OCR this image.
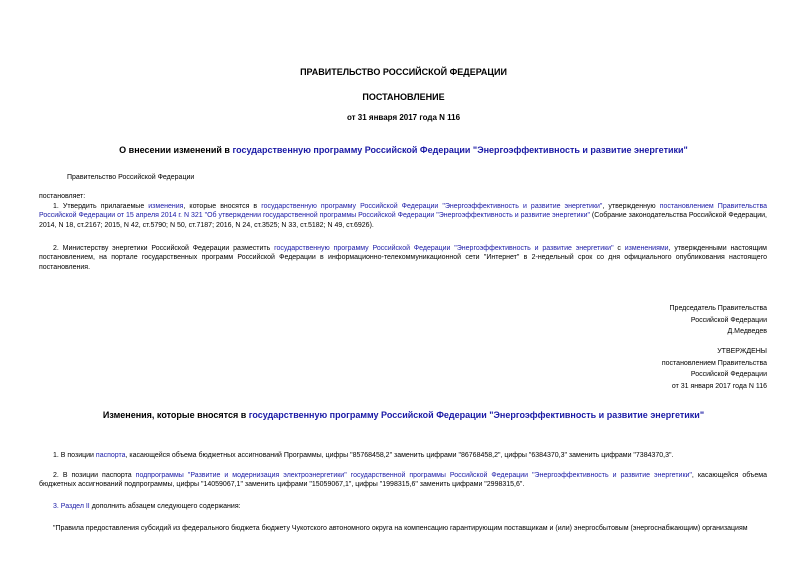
ПРАВИТЕЛЬСТВО РОССИЙСКОЙ ФЕДЕРАЦИИ
ПОСТАНОВЛЕНИЕ
от 31 января 2017 года N 116
О внесении изменений в государственную программу Российской Федерации "Энергоэффективность и развитие энергетики"
Правительство Российской Федерации
постановляет:
1. Утвердить прилагаемые изменения, которые вносятся в государственную программу Российской Федерации "Энергоэффективность и развитие энергетики", утвержденную постановлением Правительства Российской Федерации от 15 апреля 2014 г. N 321 "Об утверждении государственной программы Российской Федерации "Энергоэффективность и развитие энергетики" (Собрание законодательства Российской Федерации, 2014, N 18, ст.2167; 2015, N 42, ст.5790; N 50, ст.7187; 2016, N 24, ст.3525; N 33, ст.5182; N 49, ст.6926).
2. Министерству энергетики Российской Федерации разместить государственную программу Российской Федерации "Энергоэффективность и развитие энергетики" с изменениями, утвержденными настоящим постановлением, на портале государственных программ Российской Федерации в информационно-телекоммуникационной сети "Интернет" в 2-недельный срок со дня официального опубликования настоящего постановления.
Председатель Правительства
Российской Федерации
Д.Медведев
УТВЕРЖДЕНЫ
постановлением Правительства
Российской Федерации
от 31 января 2017 года N 116
Изменения, которые вносятся в государственную программу Российской Федерации "Энергоэффективность и развитие энергетики"
1. В позиции паспорта, касающейся объема бюджетных ассигнований Программы, цифры "85768458,2" заменить цифрами "86768458,2", цифры "6384370,3" заменить цифрами "7384370,3".
2. В позиции паспорта подпрограммы "Развитие и модернизация электроэнергетики" государственной программы Российской Федерации "Энергоэффективность и развитие энергетики", касающейся объема бюджетных ассигнований подпрограммы, цифры "14059067,1" заменить цифрами "15059067,1", цифры "1998315,6" заменить цифрами "2998315,6".
3. Раздел II дополнить абзацем следующего содержания:
"Правила предоставления субсидий из федерального бюджета бюджету Чукотского автономного округа на компенсацию гарантирующим поставщикам и (или) энергосбытовым (энергоснабжающим) организациям
